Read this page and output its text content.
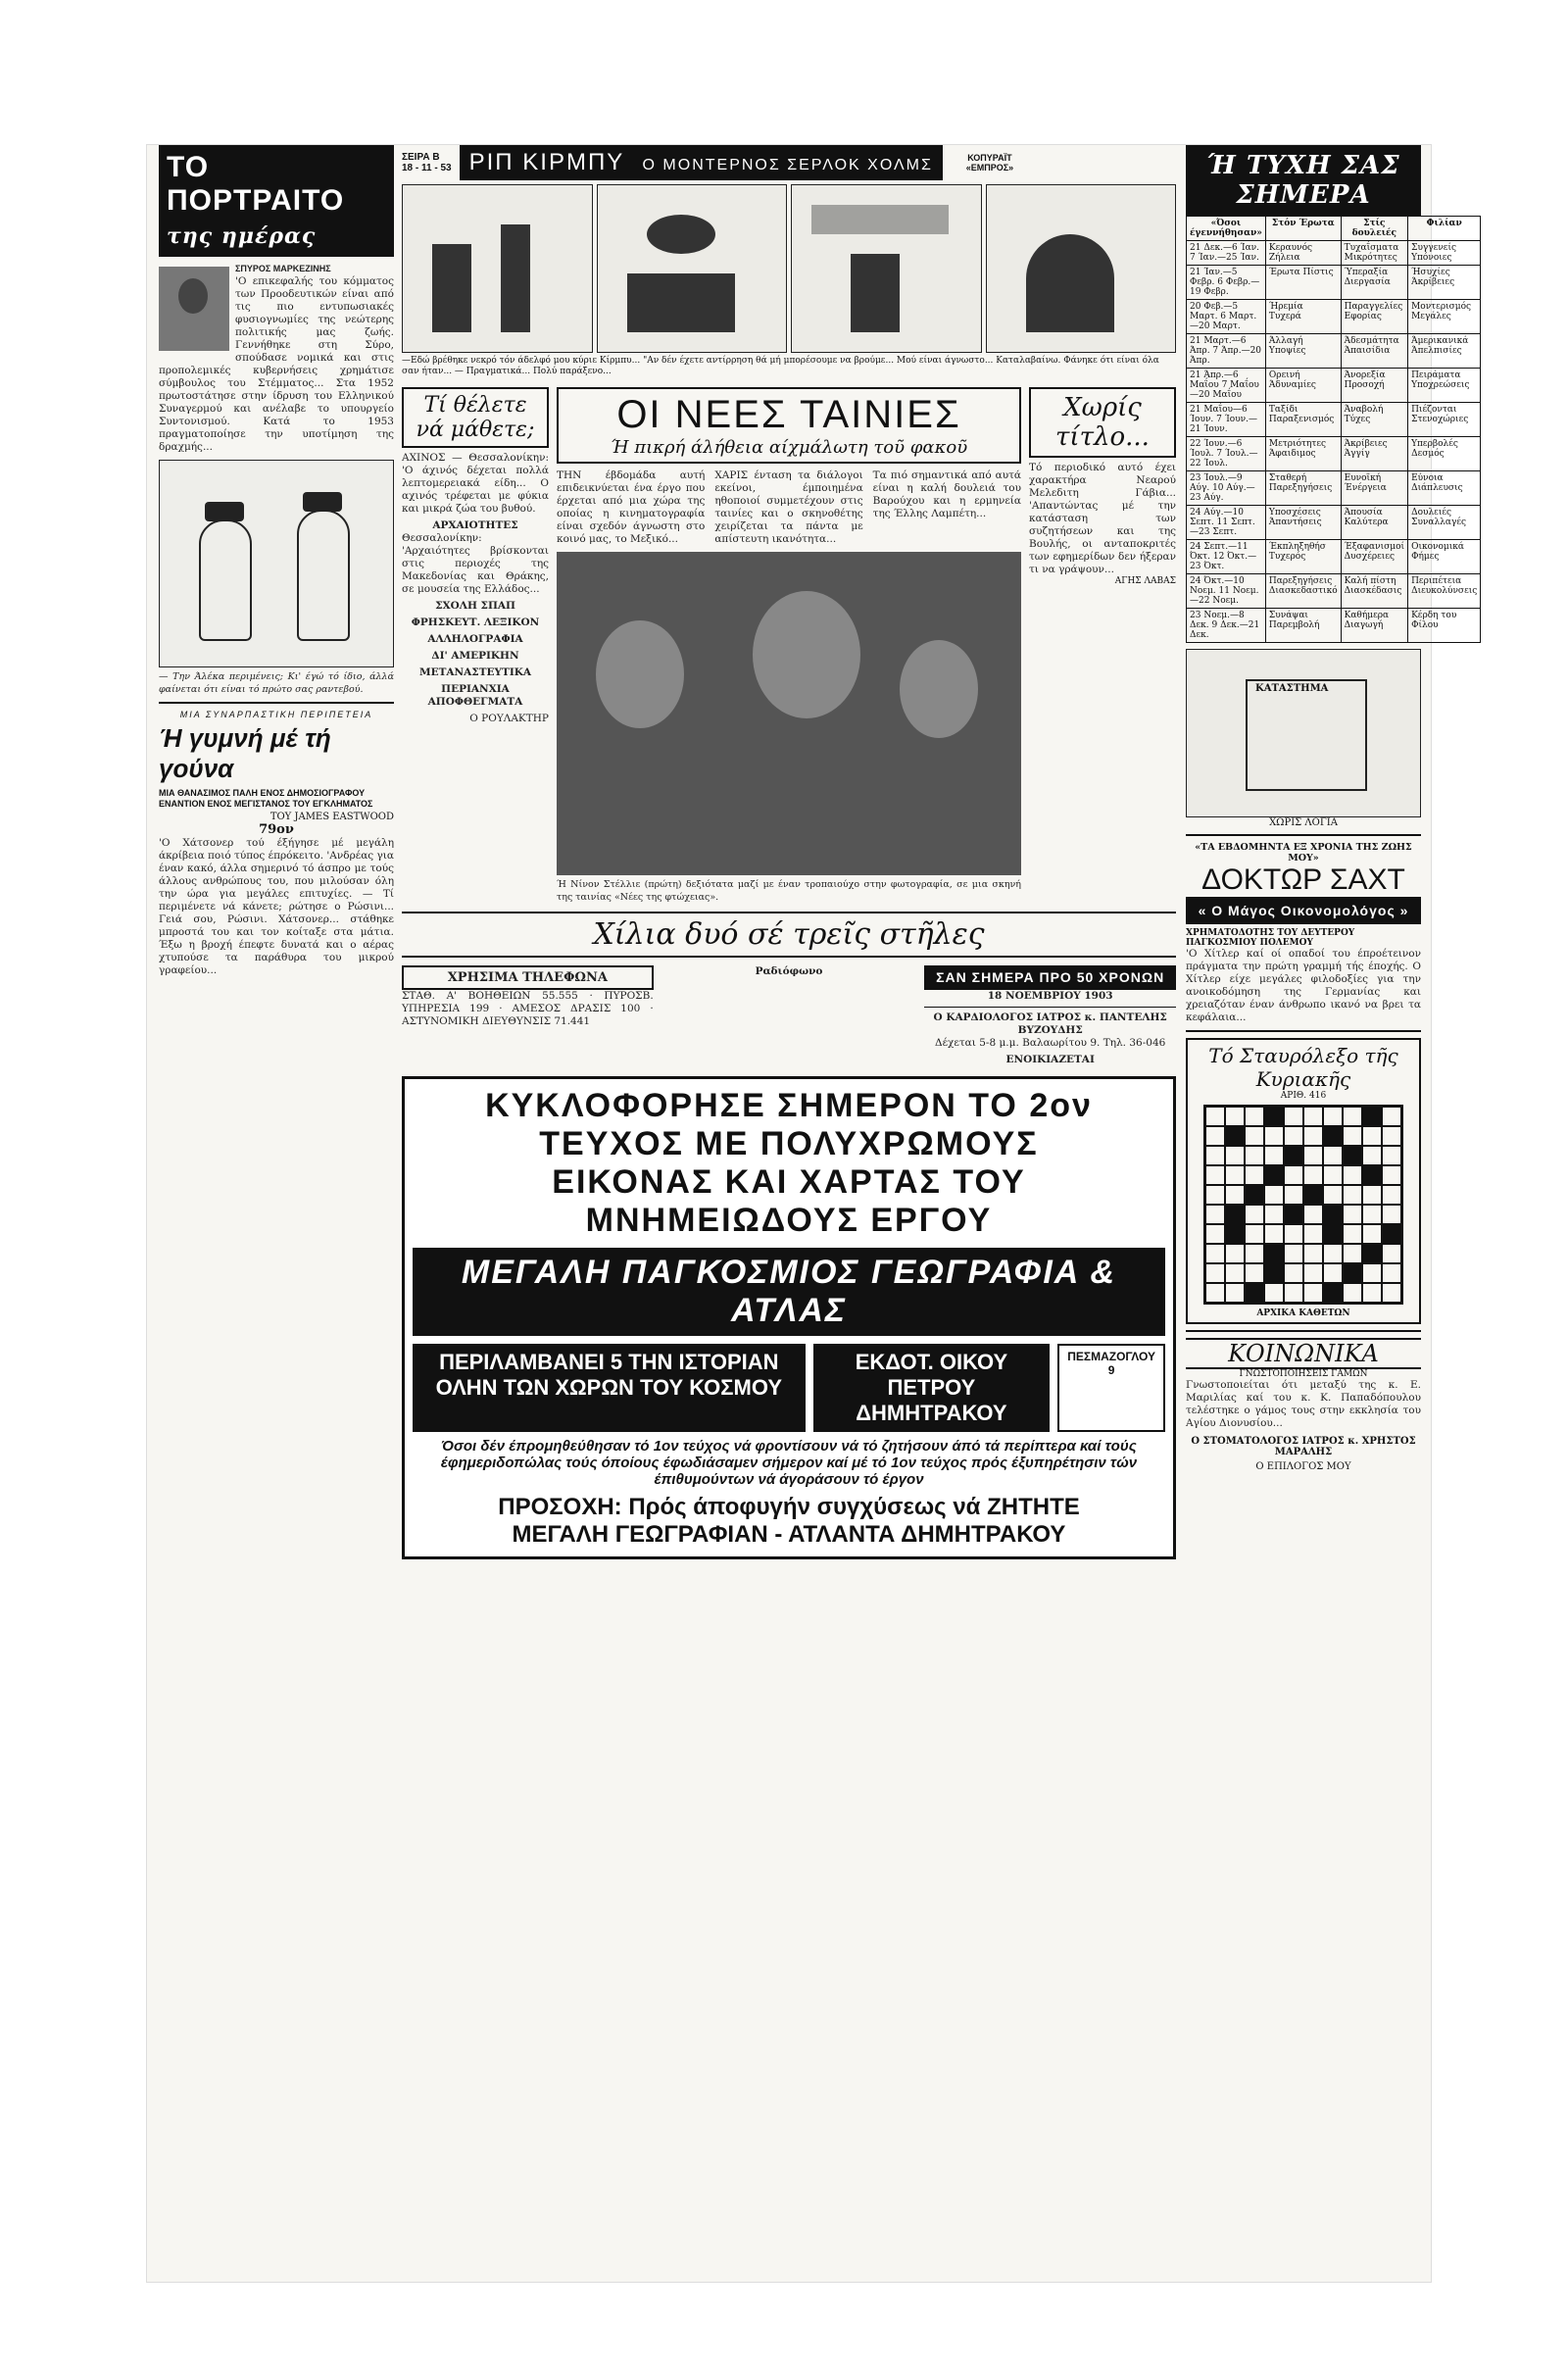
ΤΟ ΠΟΡΤΡΑΙΤΟ της ημέρας
ΣΠΥΡΟΣ ΜΑΡΚΕΖΙΝΗΣ
'O επικεφαλής του κόμματος των Προοδευτικών είναι από τις πιο εντυπωσιακές φυσιογνωμίες της νεώτερης πολιτικής μας ζωής. Γεννήθηκε στη Σύρο, σπούδασε νομικά και στις προπολεμικές κυβερνήσεις χρημάτισε σύμβουλος του Στέμματος... Στα 1952 πρωτοστάτησε στην ίδρυση του Ελληνικού Συναγερμού και ανέλαβε το υπουργείο Συντονισμού. Κατά το 1953 πραγματοποίησε την υποτίμηση της δραχμής...
— Την Άλέκα περιμένεις; Κι' έγώ τό ίδιο, άλλά φαίνεται ότι είναι τό πρώτο σας ραντεβού.
ΜΙΑ ΣΥΝΑΡΠΑΣΤΙΚΗ ΠΕΡΙΠΕΤΕΙΑ
Ή γυμνή μέ τή γούνα
ΜΙΑ ΘΑΝΑΣΙΜΟΣ ΠΑΛΗ ΕΝΟΣ ΔΗΜΟΣΙΟΓΡΑΦΟΥ ΕΝΑΝΤΙΟΝ ΕΝΟΣ ΜΕΓΙΣΤΑΝΟΣ ΤΟΥ ΕΓΚΛΗΜΑΤΟΣ
ΤΟΥ JAMES EASTWOOD
79ον
'O Χάτσονερ τού έξήγησε μέ μεγάλη άκρίβεια ποιό τύπος έπρόκειτο. 'Ανδρέας για έναν κακό, άλλα σημερινό τό άσπρο με τούς άλλους ανθρώπους του, που μιλούσαν όλη την ώρα για μεγάλες επιτυχίες. — Τί περιμένετε νά κάνετε; ρώτησε ο Ρώσινι... Γειά σου, Ρώσινι. Χάτσονερ... στάθηκε μπροστά του και τον κοίταξε στα μάτια. Έξω η βροχή έπεφτε δυνατά και ο αέρας χτυπούσε τα παράθυρα του μικρού γραφείου...
ΣΕΙΡΑ Β
18 - 11 - 53 ΡΙΠ ΚΙΡΜΠΥ Ο ΜΟΝΤΕΡΝΟΣ ΣΕΡΛΟΚ ΧΟΛΜΣ	ΚΟΠΥΡΑΪΤ «ΕΜΠΡΟΣ»
—Εδώ βρέθηκε νεκρό τόν άδελφό μου κύριε Κίρμπυ... "Αν δέν έχετε αντίρρηση θά μή μπορέσουμε να βρούμε... Μού είναι άγνωστο... Καταλαβαίνω. Φάνηκε ότι είναι όλα σαν ήταν... — Πραγματικά... Πολύ παράξενο...
Τί θέλετε νά μάθετε;
ΑΧΙΝΟΣ — Θεσσαλονίκην: 'Ο άχινός δέχεται πολλά λεπτομερειακά είδη... Ο αχινός τρέφεται με φύκια και μικρά ζώα του βυθού.
ΑΡΧΑΙΟΤΗΤΕΣ
Θεσσαλονίκην: 'Αρχαιότητες βρίσκονται στις περιοχές της Μακεδονίας και Θράκης, σε μουσεία της Ελλάδος...
ΣΧΟΛΗ ΣΠΑΠ
ΦΡΗΣΚΕΥΤ. ΛΕΞΙΚΟΝ
ΑΛΛΗΛΟΓΡΑΦΙΑ
ΔΙ' ΑΜΕΡΙΚΗΝ
ΜΕΤΑΝΑΣΤΕΥΤΙΚΑ
ΠΕΡΙΑΝΧΙΑ ΑΠΟΦΘΕΓΜΑΤΑ
Ο ΡΟΥΛΑΚΤΗΡ
ΟΙ ΝΕΕΣ ΤΑΙΝΙΕΣ
Ή πικρή άλήθεια αίχμάλωτη τοῦ φακοῦ
ΤΗΝ έβδομάδα αυτή επιδεικνύεται ένα έργο που έρχεται από μια χώρα της οποίας η κινηματογραφία είναι σχεδόν άγνωστη στο κοινό μας, το Μεξικό...
ΧΑΡΙΣ ένταση τα διάλογοι εκείνοι, έμποιημένα ηθοποιοί συμμετέχουν στις ταινίες και ο σκηνοθέτης χειρίζεται τα πάντα με απίστευτη ικανότητα...
Τα πιό σημαντικά από αυτά είναι η καλή δουλειά του Βαρούχου και η ερμηνεία της Έλλης Λαμπέτη...
Ή Νίνον Στέλλιε (πρώτη) δεξιότατα μαζί με έναν τροπαιούχο στην φωτογραφία, σε μια σκηνή της ταινίας «Νέες της φτώχειας».
Χωρίς τίτλο...
Τό περιοδικό αυτό έχει χαρακτήρα Νεαρού Μελεδιτη Γάβια... 'Απαντώντας μέ την κατάσταση των συζητήσεων και της Βουλής, οι ανταποκριτές των εφημερίδων δεν ήξεραν τι να γράψουν...
ΑΓΗΣ ΛΑΒΑΣ
Χίλια δυό σέ τρεῖς στῆλες
ΧΡΗΣΙΜΑ ΤΗΛΕΦΩΝΑ
ΣΤΑΘ. Α' ΒΟΗΘΕΙΩΝ 55.555 · ΠΥΡΟΣΒ. ΥΠΗΡΕΣΙΑ 199 · ΑΜΕΣΟΣ ΔΡΑΣΙΣ 100 · ΑΣΤΥΝΟΜΙΚΗ ΔΙΕΥΘΥΝΣΙΣ 71.441
Ραδιόφωνο	ΣΑΝ ΣΗΜΕΡΑ ΠΡΟ 50 ΧΡΟΝΩΝ
18 ΝΟΕΜΒΡΙΟΥ 1903
Ο ΚΑΡΔΙΟΛΟΓΟΣ ΙΑΤΡΟΣ κ. ΠΑΝΤΕΛΗΣ ΒΥΖΟΥΔΗΣ
Δέχεται 5-8 μ.μ. Βαλαωρίτου 9. Τηλ. 36-046
ΕΝΟΙΚΙΑΖΕΤΑΙ
ΚΥΚΛΟΦΟΡΗΣΕ ΣΗΜΕΡΟΝ ΤΟ 2ον ΤΕΥΧΟΣ ΜΕ ΠΟΛΥΧΡΩΜΟΥΣ
ΕΙΚΟΝΑΣ ΚΑΙ ΧΑΡΤΑΣ ΤΟΥ ΜΝΗΜΕΙΩΔΟΥΣ ΕΡΓΟΥ
ΜΕΓΑΛΗ ΠΑΓΚΟΣΜΙΟΣ ΓΕΩΓΡΑΦΙΑ & ΑΤΛΑΣ
ΠΕΡΙΛΑΜΒΑΝΕΙ 5 ΤΗΝ ΙΣΤΟΡΙΑΝ ΟΛΗΝ ΤΩΝ ΧΩΡΩΝ ΤΟΥ ΚΟΣΜΟΥ
ΕΚΔΟΤ. ΟΙΚΟΥ ΠΕΤΡΟΥ ΔΗΜΗΤΡΑΚΟΥ
ΠΕΣΜΑΖΟΓΛΟΥ 9
Όσοι δέν έπρομηθεύθησαν τό 1ον τεύχος νά φροντίσουν νά τό ζητήσουν άπό τά περίπτερα καί τούς έφημεριδοπώλας τούς όποίους έφωδιάσαμεν σήμερον καί μέ τό 1ον τεύχος πρός έξυπηρέτησιν τών έπιθυμούντων νά άγοράσουν τό έργον
ΠΡΟΣΟΧΗ: Πρός άποφυγήν συγχύσεως νά ΖΗΤΗΤΕ
ΜΕΓΑΛΗ ΓΕΩΓΡΑΦΙΑΝ - ΑΤΛΑΝΤΑ ΔΗΜΗΤΡΑΚΟΥ
Ή ΤΥΧΗ ΣΑΣ ΣΗΜΕΡΑ
«Όσοι έγεννήθησαν»	Στόν Έρωτα	Στίς δουλειές	Φιλίαν
21 Δεκ.—6 Ίαν. 7 Ίαν.—25 Ίαν.	Κεραυνός Ζήλεια	Τυχαΐσματα Μικρότητες	Συγγενείς Υπόνοιες
21 Ίαν.—5 Φεβρ. 6 Φεβρ.—19 Φεβρ.	Έρωτα Πίστις	Ύπεραξία Διεργασία	Ήσυχίες Άκρίβειες
20 Φεβ.—5 Μαρτ. 6 Μαρτ.—20 Μαρτ.	Ήρεμία Τυχερά	Παραγγελίες Εφορίας	Μοντερισμός Μεγάλες
21 Μαρτ.—6 Άπρ. 7 Άπρ.—20 Άπρ.	Άλλαγή Υποψίες	Άδεσμάτητα Άπαισίδια	Άμερικανικά Άπελπισίες
21 Άπρ.—6 Μαΐου 7 Μαΐου—20 Μαΐου	Ορεινή Άδυναμίες	Άνορεξία Προσοχή	Πειράματα Υποχρεώσεις
21 Μαΐου—6 Ίουν. 7 Ίουν.—21 Ίουν.	Ταξίδι Παραξενισμός	Άναβολή Τύχες	Πιέζονται Στενοχώριες
22 Ίουν.—6 Ίουλ. 7 Ίουλ.—22 Ίουλ.	Μετριότητες Άφαιδιμος	Άκρίβειες Άγγίγ	Υπερβολές Δεσμός
23 Ίουλ.—9 Αύγ. 10 Αύγ.—23 Αύγ.	Σταθερή Παρεξηγήσεις	Ευνοϊκή Ένέργεια	Εύνοια Διάπλευσις
24 Αύγ.—10 Σεπτ. 11 Σεπτ.—23 Σεπτ.	Υποσχέσεις Άπαντήσεις	Άπουσία Καλύτερα	Δουλειές Συναλλαγές
24 Σεπτ.—11 Όκτ. 12 Όκτ.—23 Όκτ.	Έκπληξηθήσ Τυχερός	Έξαφανισμοί Δυσχέρειες	Οικονομικά Φήμες
24 Όκτ.—10 Νοεμ. 11 Νοεμ.—22 Νοεμ.	Παρεξηγήσεις Διασκεδαστικό	Καλή πίστη Διασκέδασις	Περιπέτεια Διευκολύνσεις
23 Νοεμ.—8 Δεκ. 9 Δεκ.—21 Δεκ.	Συνάψαι Παρεμβολή	Καθήμερα Διαγωγή	Κέρδη του Φίλου
ΚΑΤΑΣΤΗΜΑ
ΧΩΡΙΣ ΛΟΓΙΑ
«ΤΑ ΕΒΔΟΜΗΝΤΑ ΕΞ ΧΡΟΝΙΑ ΤΗΣ ΖΩΗΣ ΜΟΥ»
ΔΟΚΤΩΡ ΣΑΧΤ
« Ο Μάγος Οικονομολόγος »
ΧΡΗΜΑΤΟΔΟΤΗΣ ΤΟΥ ΔΕΥΤΕΡΟΥ ΠΑΓΚΟΣΜΙΟΥ ΠΟΛΕΜΟΥ
'Ο Χίτλερ καί οί οπαδοί του έπροέτεινον πράγματα την πρώτη γραμμή τής έποχής. Ο Χίτλερ είχε μεγάλες φιλοδοξίες για την ανοικοδόμηση της Γερμανίας και χρειαζόταν έναν άνθρωπο ικανό να βρει τα κεφάλαια...
Τό Σταυρόλεξο τῆς Κυριακῆς
ΑΡΙΘ. 416
ΑΡΧΙΚΑ ΚΑΘΕΤΩΝ
ΚΟΙΝΩΝΙΚΑ
ΓΝΩΣΤΟΠΟΙΗΣΕΙΣ ΓΑΜΩΝ
Γνωστοποιείται ότι μεταξύ της κ. Ε. Μαριλίας καί του κ. Κ. Παπαδόπουλου τελέστηκε ο γάμος τους στην εκκλησία του Αγίου Διονυσίου...
Ο ΣΤΟΜΑΤΟΛΟΓΟΣ ΙΑΤΡΟΣ κ. ΧΡΗΣΤΟΣ ΜΑΡΑΛΗΣ
Ο ΕΠΙΛΟΓΟΣ ΜΟΥ
